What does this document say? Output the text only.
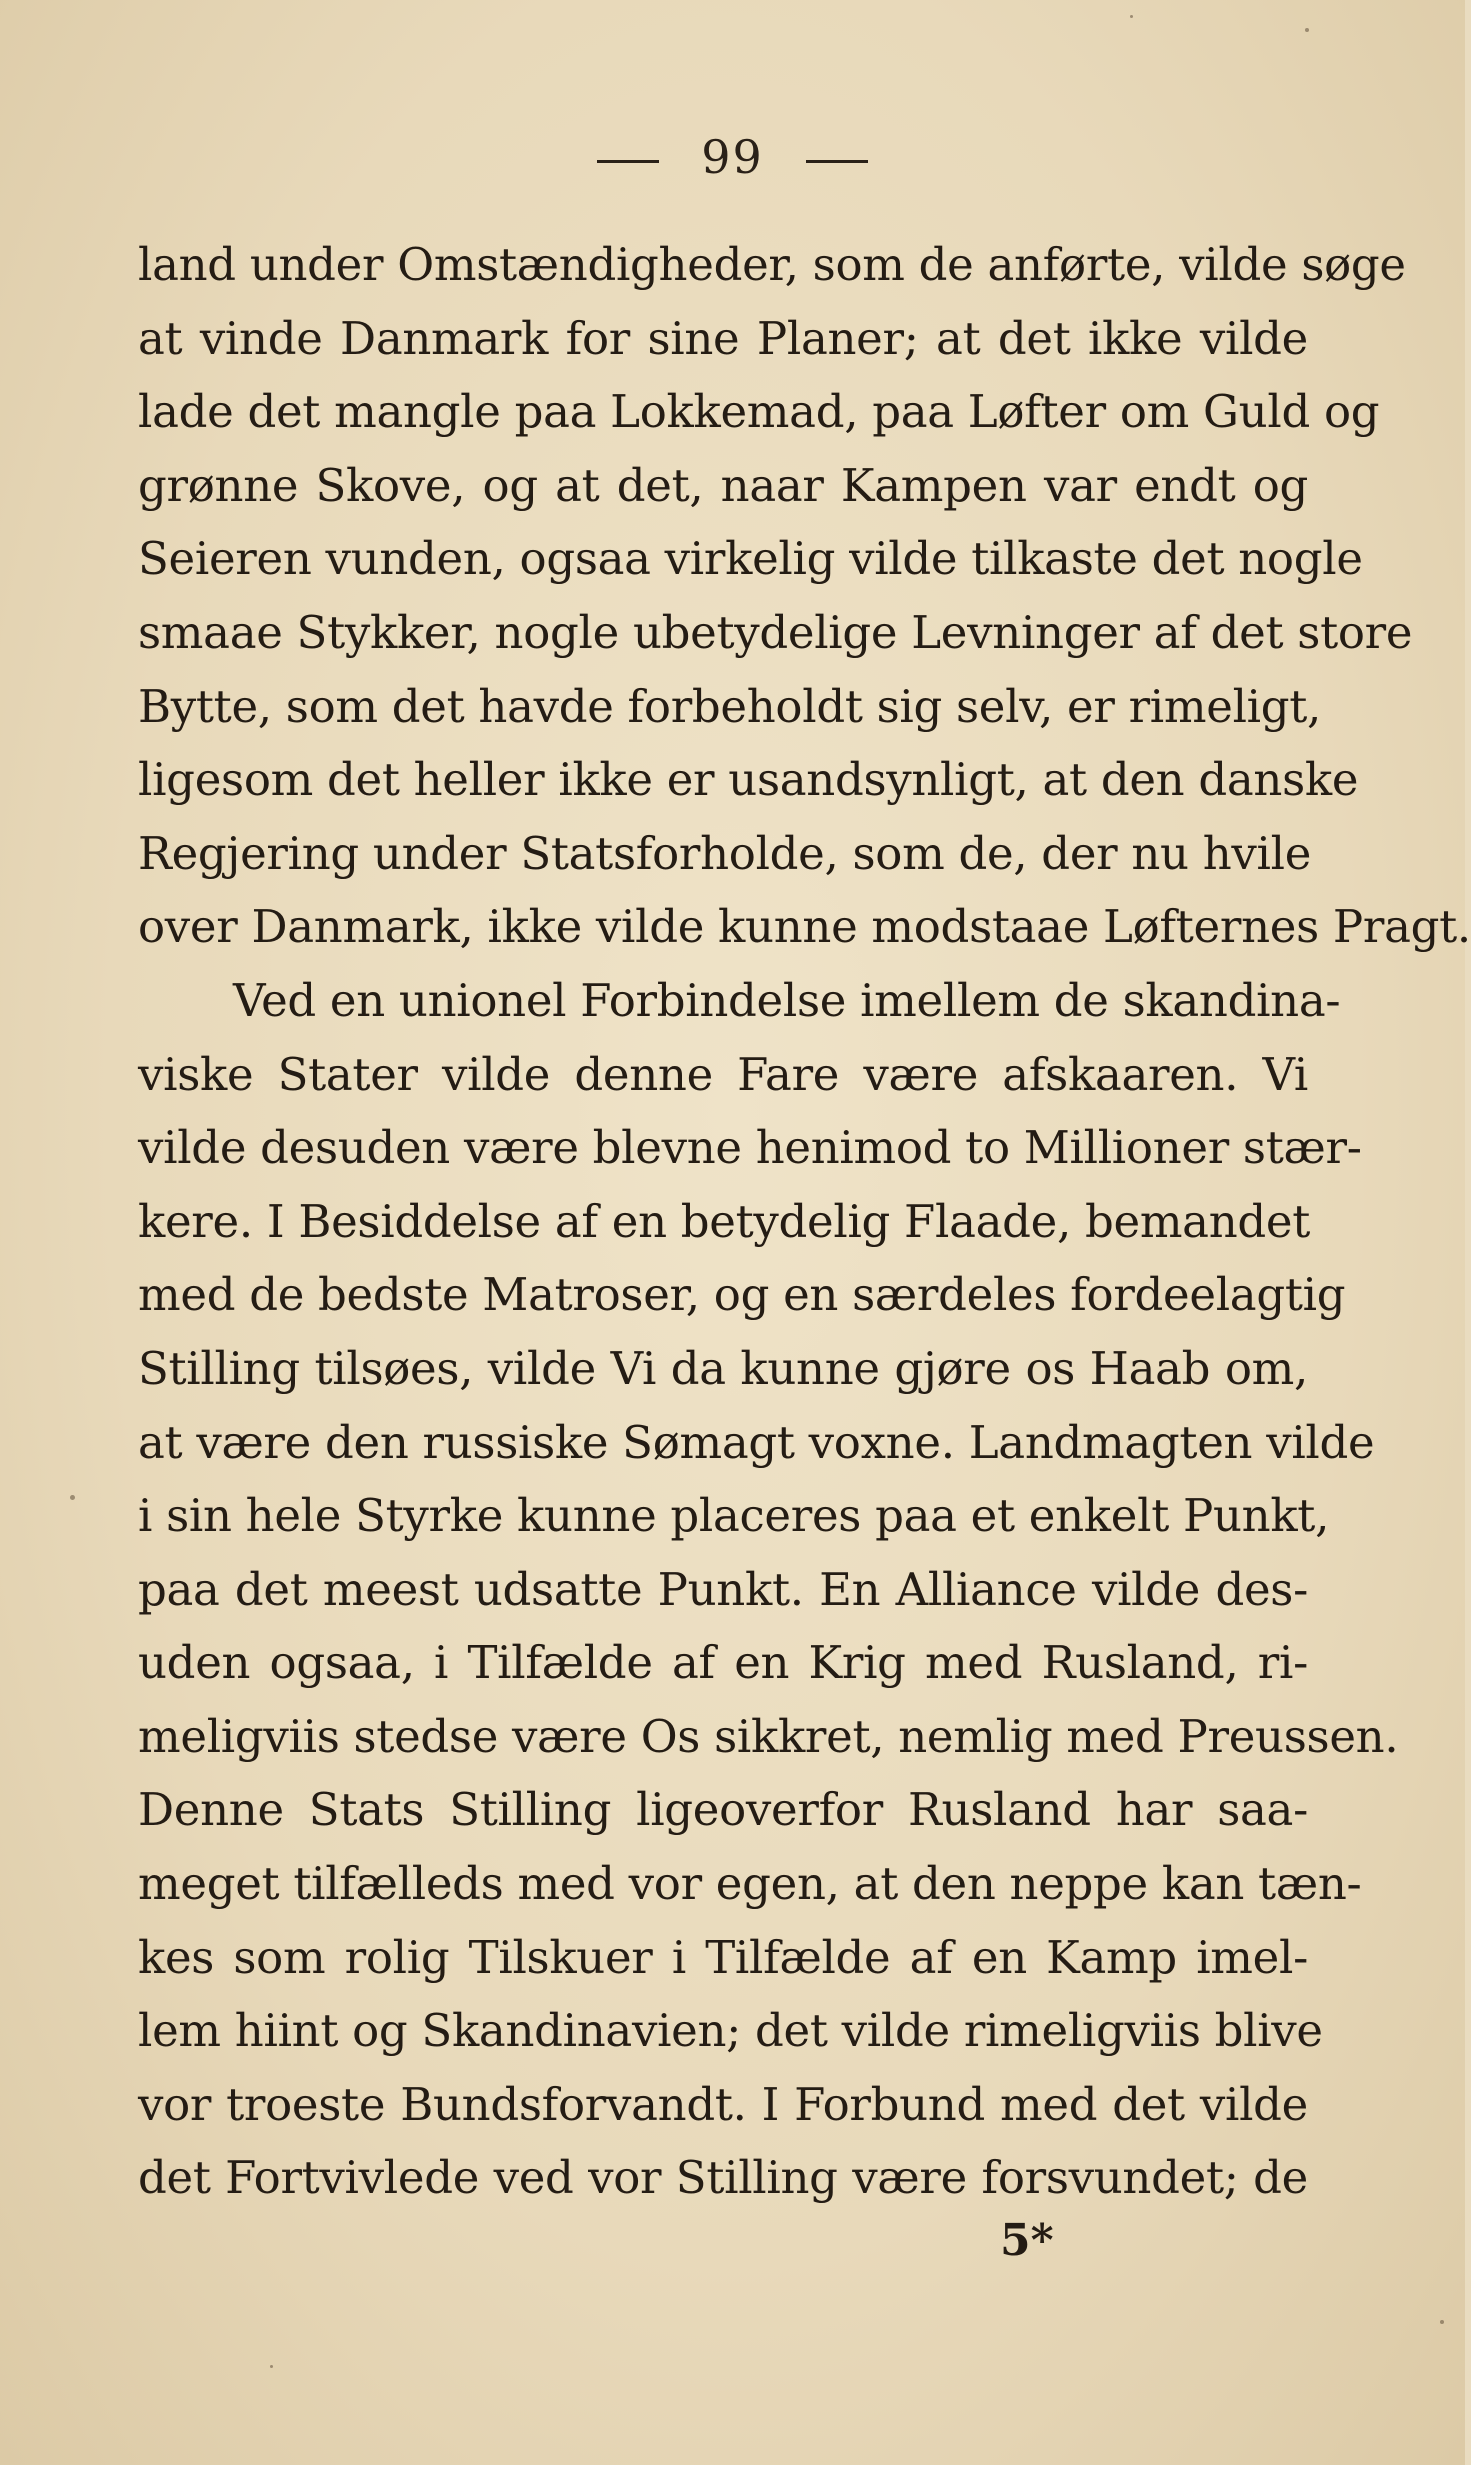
99
land under Omstændigheder, som de anførte, vilde søge
at vinde Danmark for sine Planer; at det ikke vilde
lade det mangle paa Lokkemad, paa Løfter om Guld og
grønne Skove, og at det, naar Kampen var endt og
Seieren vunden, ogsaa virkelig vilde tilkaste det nogle
smaae Stykker, nogle ubetydelige Levninger af det store
Bytte, som det havde forbeholdt sig selv, er rimeligt,
ligesom det heller ikke er usandsynligt, at den danske
Regjering under Statsforholde, som de, der nu hvile
over Danmark, ikke vilde kunne modstaae Løfternes Pragt.
Ved en unionel Forbindelse imellem de skandina-
viske Stater vilde denne Fare være afskaaren. Vi
vilde desuden være blevne henimod to Millioner stær-
kere. I Besiddelse af en betydelig Flaade, bemandet
med de bedste Matroser, og en særdeles fordeelagtig
Stilling tilsøes, vilde Vi da kunne gjøre os Haab om,
at være den russiske Sømagt voxne. Landmagten vilde
i sin hele Styrke kunne placeres paa et enkelt Punkt,
paa det meest udsatte Punkt. En Alliance vilde des-
uden ogsaa, i Tilfælde af en Krig med Rusland, ri-
meligviis stedse være Os sikkret, nemlig med Preussen.
Denne Stats Stilling ligeoverfor Rusland har saa-
meget tilfælleds med vor egen, at den neppe kan tæn-
kes som rolig Tilskuer i Tilfælde af en Kamp imel-
lem hiint og Skandinavien; det vilde rimeligviis blive
vor troeste Bundsforvandt. I Forbund med det vilde
det Fortvivlede ved vor Stilling være forsvundet; de
5*
